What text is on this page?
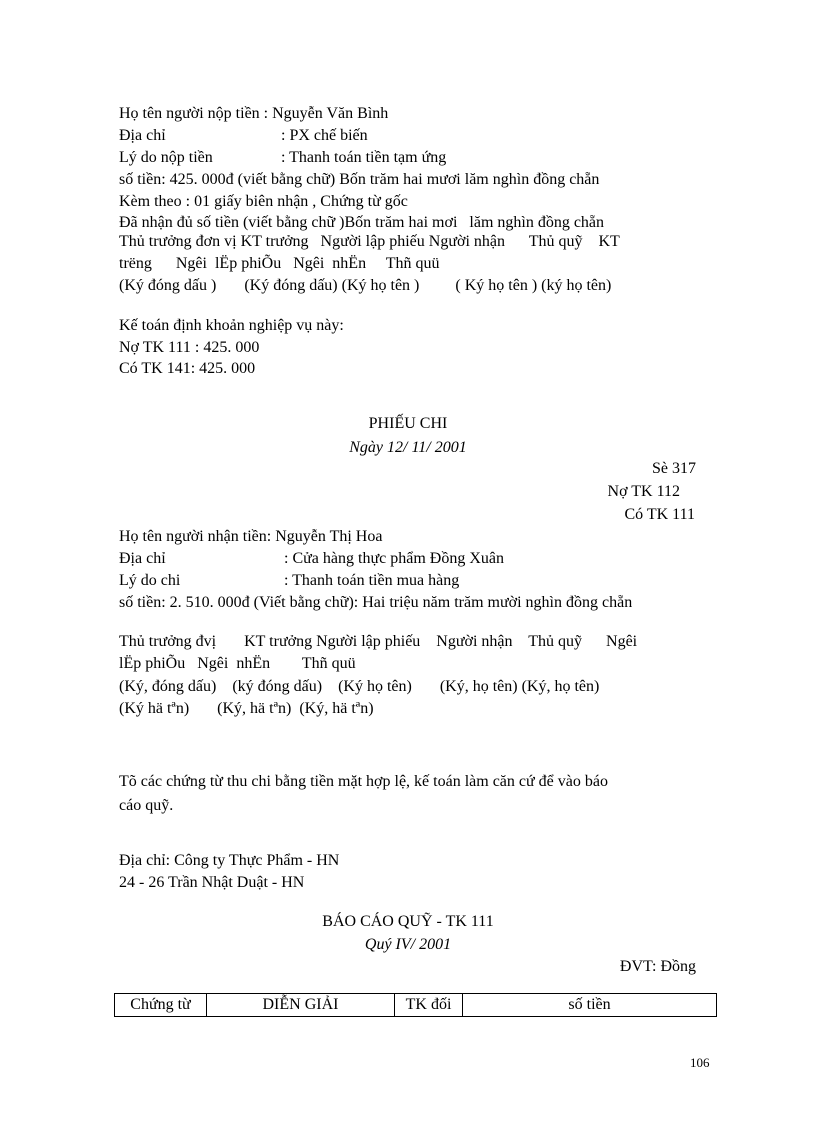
Họ tên người nộp tiền : Nguyễn Văn Bình
Địa chỉ	: PX chế biến
Lý do nộp tiền	: Thanh toán tiền tạm ứng
số tiền: 425. 000đ (viết bằng chữ) Bốn trăm hai mươi lăm nghìn đồng chẵn
Kèm theo : 01 giấy biên nhận , Chứng từ gốc
Đã nhận đủ số tiền (viết bằng chữ )Bốn trăm hai mơi   lăm nghìn đồng chẵn
Thủ trưởng đơn vị KT trưởng   Người lập phiếu Người nhận      Thủ quỹ    KT
trëng      Ngêi  lËp phiÕu   Ngêi  nhËn     Thñ quü
(Ký đóng dấu )       (Ký đóng dấu) (Ký họ tên )         ( Ký họ tên ) (ký họ tên)
Kế toán định khoản nghiệp vụ này:
Nợ TK 111 : 425. 000
Có TK 141: 425. 000
PHIẾU CHI
Ngày 12/ 11/ 2001
Sè 317
Nợ TK 112
Có TK 111
Họ tên người nhận tiền: Nguyễn Thị Hoa
Địa chỉ	: Cửa hàng thực phẩm Đồng Xuân
Lý do chi	: Thanh toán tiền mua hàng
số tiền: 2. 510. 000đ (Viết bằng chữ): Hai triệu năm trăm mười nghìn đồng chẵn
Thủ trưởng đvị       KT trưởng Người lập phiếu    Người nhận    Thủ quỹ      Ngêi
lËp phiÕu   Ngêi  nhËn        Thñ quü
(Ký, đóng dấu)    (ký đóng dấu)    (Ký họ tên)       (Ký, họ tên) (Ký, họ tên)
(Ký hä tªn)       (Ký, hä tªn)  (Ký, hä tªn)
Tõ các chứng từ thu chi bằng tiền mặt hợp lệ, kế toán làm căn cứ để vào báo
cáo quỹ.
Địa chỉ: Công ty Thực Phẩm - HN
24 - 26 Trần Nhật Duật - HN
BÁO CÁO QUỸ - TK 111
Quý IV/ 2001
ĐVT: Đồng
Chứng từ	DIỄN GIẢI	TK đối	số tiền
106
